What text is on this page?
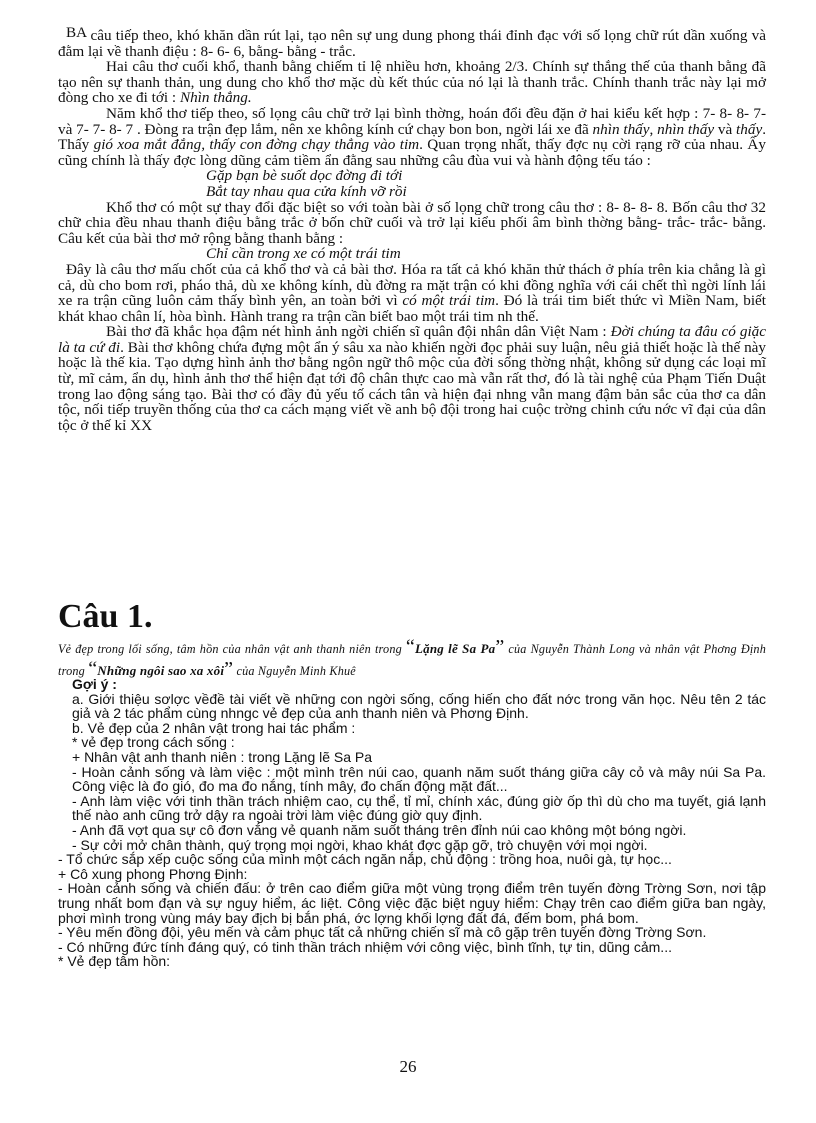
BA câu tiếp theo, khó khăn dần rút lại, tạo nên sự ung dung phong thái đỉnh đạc với số lọng chữ rút dần xuống và đằm lại về thanh điệu : 8- 6- 6, bằng- bằng - trắc.

Hai câu thơ cuối khổ, thanh bằng chiếm tỉ lệ nhiều hơn, khoảng 2/3. Chính sự thắng thế của thanh bằng đã tạo nên sự thanh thản, ung dung cho khổ thơ mặc dù kết thúc của nó lại là thanh trắc. Chính thanh trắc này lại mở đòng cho xe đi tới : Nhìn thẳng.

Năm khổ thơ tiếp theo, số lọng câu chữ trở lại bình thờng, hoán đổi đều đặn ở hai kiểu kết hợp : 7- 8- 8- 7- và 7- 7- 8- 7 . Đòng ra trận đẹp lắm, nên xe không kính cứ chạy bon bon, ngời lái xe đã nhìn thấy, nhìn thấy và thấy. Thấy gió xoa mắt đắng, thấy con đờng chạy thẳng vào tim. Quan trọng nhất, thấy đợc nụ cời rạng rỡ của nhau. Ấy cũng chính là thấy đợc lòng dũng cảm tiềm ẩn đằng sau những câu đùa vui và hành động tếu táo :

Gặp bạn bè suốt dọc đờng đi tới

Bắt tay nhau qua cửa kính vỡ rồi

Khổ thơ có một sự thay đổi đặc biệt so với toàn bài ở số lọng chữ trong câu thơ : 8- 8- 8- 8. Bốn câu thơ 32 chữ chia đều nhau thanh điệu bằng trắc ở bốn chữ cuối và trở lại kiểu phối âm bình thờng bằng- trắc- trắc- bằng. Câu kết của bài thơ mở rộng bằng thanh bằng :

Chỉ cần trong xe có một trái tim

Đây là câu thơ mấu chốt của cả khổ thơ và cả bài thơ. Hóa ra tất cả khó khăn thử thách ở phía trên kia chẳng là gì cả, dù cho bom rơi, pháo thả, dù xe không kính, dù đờng ra mặt trận có khi đồng nghĩa với cái chết thì ngời lính lái xe ra trận cũng luôn cảm thấy bình yên, an toàn bởi vì có một trái tim. Đó là trái tim biết thức vì Miền Nam, biết khát khao chân lí, hòa bình. Hành trang ra trận cần biết bao một trái tim nh thế.

Bài thơ đã khắc họa đậm nét hình ảnh ngời chiến sĩ quân đội nhân dân Việt Nam : Đời chúng ta đâu có giặc là ta cứ đi. Bài thơ không chứa đựng một ẩn ý sâu xa nào khiến ngời đọc phải suy luận, nêu giả thiết hoặc là thế này hoặc là thế kia. Tạo dựng hình ảnh thơ bằng ngôn ngữ thô mộc của đời sống thờng nhật, không sử dụng các loại mĩ từ, mĩ cảm, ẩn dụ, hình ảnh thơ thể hiện đạt tới độ chân thực cao mà vẫn rất thơ, đó là tài nghệ của Phạm Tiến Duật trong lao động sáng tạo. Bài thơ có đầy đủ yếu tố cách tân và hiện đại nhng vẫn mang đậm bản sắc của thơ ca dân tộc, nối tiếp truyền thống của thơ ca cách mạng viết về anh bộ đội trong hai cuộc trờng chinh cứu nớc vĩ đại của dân tộc ở thế kỉ XX

Câu 1.
Vẻ đẹp trong lối sống, tâm hồn của nhân vật anh thanh niên trong “Lặng lẽ Sa Pa” của Nguyễn Thành Long và nhân vật Phơng Định trong “Những ngôi sao xa xôi” của Nguyễn Minh Khuê

Gợi ý :

a. Giới thiệu sơlợc vềđề tài viết về những con ngời sống, cống hiến cho đất nớc trong văn học. Nêu tên 2 tác giả và 2 tác phẩm cùng nhngc vẻ đẹp của anh thanh niên và Phơng Định.

b. Vẻ đẹp của 2 nhân vật trong hai tác phẩm :

* vẻ đẹp trong cách sống :

+ Nhân vật anh thanh niên : trong Lặng lẽ Sa Pa

- Hoàn cảnh sống và làm việc : một mình trên núi cao, quanh năm suốt tháng giữa cây cỏ và mây núi Sa Pa. Công việc là đo gió, đo ma đo nắng, tính mây, đo chấn động mặt đất...

- Anh làm việc với tinh thần trách nhiệm cao, cụ thể, tỉ mỉ, chính xác, đúng giờ ốp thì dù cho ma tuyết, giá lạnh thế nào anh cũng trở dậy ra ngoài trời làm việc đúng giờ quy định.

- Anh đã vợt qua sự cô đơn vắng vẻ quanh năm suốt tháng trên đỉnh núi cao không một bóng ngời.

- Sự cởi mở chân thành, quý trọng mọi ngời, khao khát đợc gặp gỡ, trò chuyện với mọi ngời.

- Tổ chức sắp xếp cuộc sống của mình một cách ngăn nắp, chủ động : trồng hoa, nuôi gà, tự học...

+ Cô xung phong Phơng Định:

- Hoàn cảnh sống và chiến đấu: ở trên cao điểm giữa một vùng trọng điểm trên tuyến đờng Trờng Sơn, nơi tập trung nhất bom đạn và sự nguy hiểm, ác liệt. Công việc đặc biệt nguy hiểm: Chạy trên cao điểm giữa ban ngày, phơi mình trong vùng máy bay địch bị bắn phá, ớc lợng khối lợng đất đá, đếm bom, phá bom.

- Yêu mến đồng đội, yêu mến và cảm phục tất cả những chiến sĩ mà cô gặp trên tuyến đờng Trờng Sơn.

- Có những đức tính đáng quý, có tinh thần trách nhiệm với công việc, bình tĩnh, tự tin, dũng cảm...

* Vẻ đẹp tâm hồn:

26
